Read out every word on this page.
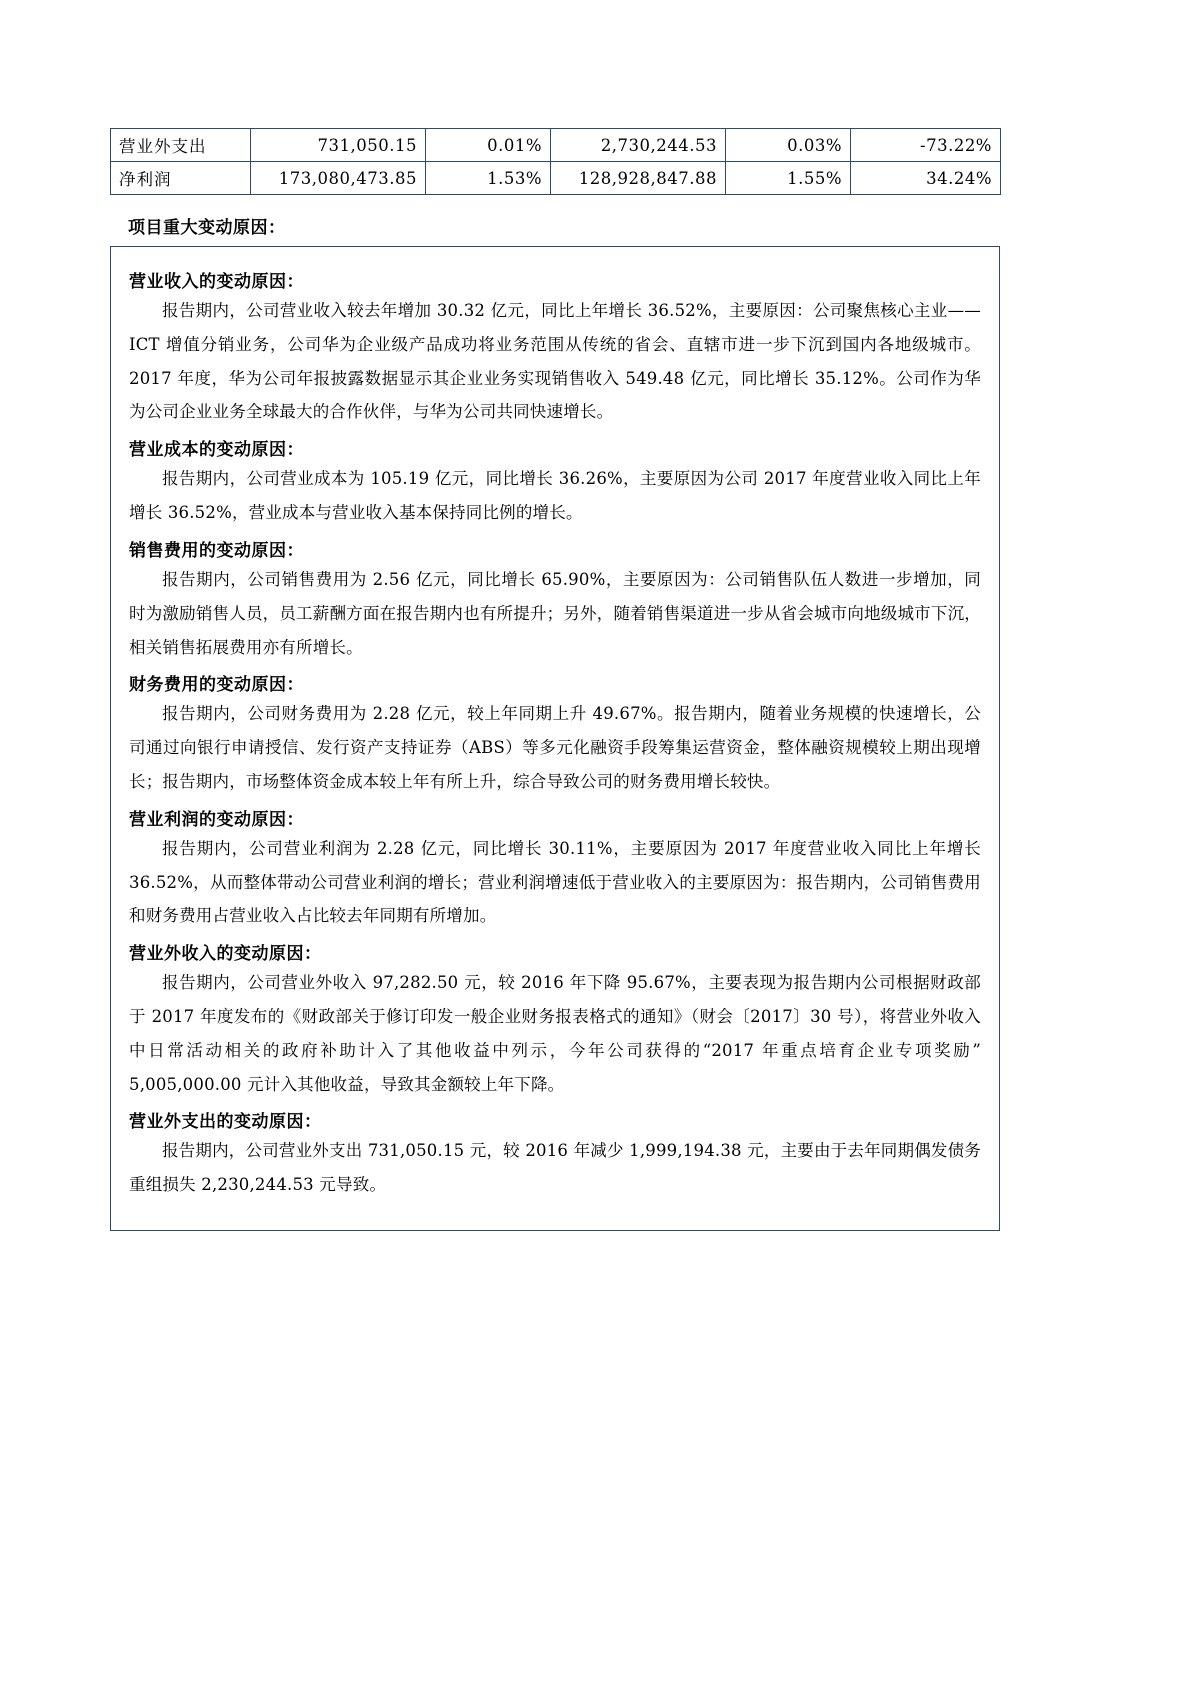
营业外支出	731,050.15	0.01%	2,730,244.53	0.03%	-73.22%
净利润	173,080,473.85	1.53%	128,928,847.88	1.55%	34.24%
项目重大变动原因：
营业收入的变动原因：

报告期内，公司营业收入较去年增加 30.32 亿元，同比上年增长 36.52%，主要原因：公司聚焦核心主业——ICT 增值分销业务，公司华为企业级产品成功将业务范围从传统的省会、直辖市进一步下沉到国内各地级城市。2017 年度，华为公司年报披露数据显示其企业业务实现销售收入 549.48 亿元，同比增长 35.12%。公司作为华为公司企业业务全球最大的合作伙伴，与华为公司共同快速增长。

营业成本的变动原因：

报告期内，公司营业成本为 105.19 亿元，同比增长 36.26%，主要原因为公司 2017 年度营业收入同比上年增长 36.52%，营业成本与营业收入基本保持同比例的增长。

销售费用的变动原因：

报告期内，公司销售费用为 2.56 亿元，同比增长 65.90%，主要原因为：公司销售队伍人数进一步增加，同时为激励销售人员，员工薪酬方面在报告期内也有所提升；另外，随着销售渠道进一步从省会城市向地级城市下沉，相关销售拓展费用亦有所增长。

财务费用的变动原因：

报告期内，公司财务费用为 2.28 亿元，较上年同期上升 49.67%。报告期内，随着业务规模的快速增长，公司通过向银行申请授信、发行资产支持证券（ABS）等多元化融资手段筹集运营资金，整体融资规模较上期出现增长；报告期内，市场整体资金成本较上年有所上升，综合导致公司的财务费用增长较快。

营业利润的变动原因：

报告期内，公司营业利润为 2.28 亿元，同比增长 30.11%，主要原因为 2017 年度营业收入同比上年增长 36.52%，从而整体带动公司营业利润的增长；营业利润增速低于营业收入的主要原因为：报告期内，公司销售费用和财务费用占营业收入占比较去年同期有所增加。

营业外收入的变动原因：

报告期内，公司营业外收入 97,282.50 元，较 2016 年下降 95.67%，主要表现为报告期内公司根据财政部于 2017 年度发布的《财政部关于修订印发一般企业财务报表格式的通知》（财会〔2017〕30 号），将营业外收入中日常活动相关的政府补助计入了其他收益中列示，今年公司获得的“2017 年重点培育企业专项奖励” 5,005,000.00 元计入其他收益，导致其金额较上年下降。

营业外支出的变动原因：

报告期内，公司营业外支出 731,050.15 元，较 2016 年减少 1,999,194.38 元，主要由于去年同期偶发债务重组损失 2,230,244.53 元导致。
